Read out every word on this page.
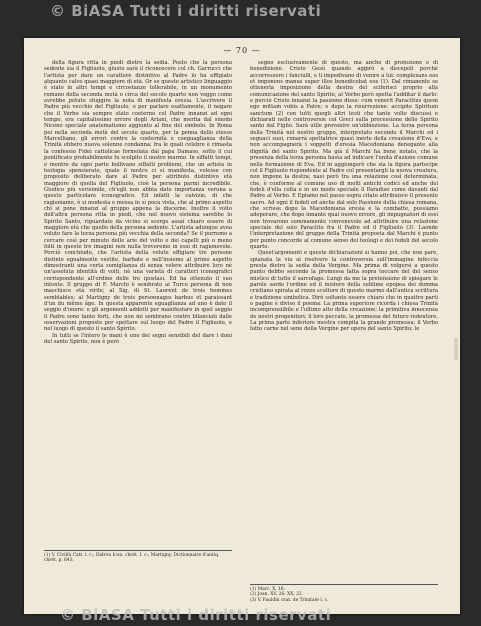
© BiASA Tutti i diritti riservati
— 70 —

della figura ritta in piedi dietro la sedia. Posto che la persona sedente sia il Figliuolo, giusto sarà il riconoscere col ch. Garrucci che l'artista per dare un carattere distintivo al Padre lo ha effigiato alquanto calvo quasi maggiore di età. Or se questo artistico linguaggio è stato in altri tempi e circostanze tollerabile, in un monumento romano della seconda metà o circa del secolo quarto non veggo come avrebbe potuto sfuggire la nota di manifesta eresia. L'ascrivere il Padre più vecchio del Figliuolo, o per parlare esattamente, il negare che il Verbo sia sempre stato coeterno col Padre innanzi ad ogni tempo, era capitalissimo errore degli Ariani, che merita dal sinodo Niceno speciale anatematismo aggiunto al fine del simbolo. In Roma poi nella seconda metà del secolo quarto, per la penna dello stesso Marcelliano, gli errori contro la coeternità e coeguaglianza della Trinità ebbero nuova solenne condanna; fra le quali celebre è rimasta la confessio Fidei cattolicae formolata dal papa Damaso, sotto il cui pontificato probabilmente fu scolpito il nostro marmo. In siffatti tempi, e mentre da ogni parte bollivano siffatti problemi, che un artista in teologia spensierato, quale il nostro ci si manifesta, volesse con proposito deliberato dare al Padre per attributo distintivo età maggiore di quella del Figliuolo, cioè la persona parmi incredibile. Giudico più verisimile, ch'egli non abbia dato importanza veruna a questo particolare iconografico. Ed infatti la calvizie, di che ragioniamo, è si modesta e messa in sì poca vista, che al primo aspetto chi si pone innanzi al gruppo appena la discerne. Inoltre il volto dell'altra persona ritta in piedi, che nel nuovo sistema sarebbe lo Spirito Santo, riguardato da vicino si scorge assai chiaro essere di maggiore età che quello della persona sedente. L'artista adunque avea voluto fare la terza persona più vecchia della seconda? Se il porremo a cercare così per minuto delle arie del volto e dei capelli più o meno folti in queste tre imagini non nulla troveremo in essi di ragionevole. Perciò conchiudo, che l'artista della volute effigiare tre persone distinte egualmente vestite, barbate e nell'insieme al primo aspetto dimostranti una certa somiglianza di senza volere attribuire loro nè un'assoluta identità di volti, nè una varietà di caratteri iconografici corrispondente all'ordine delle tre ipostasi. Ed ha ottenuto il suo intento. Il gruppo di F. Marchi è sembrato ai Turco persona di non maschisce età virile; al Sig. di St. Laurent de trois hommes semblables; al Martigny de trois personnages barbus et paraissant d'un du même âge. In questa apparente eguaglianza ad uno è dato il seggio d'onore: e gli argomenti addotti per manifestare in quel seggio il Padre sono tanto forti, che non mi sembrano contro bilanciati dalle osservazioni proposte per spettare sul luogo del Padre il Figliuolo, e nel luogo di questo il santo Spirito.

In tutti se l'intero le mani è uno dei segni sensibili del dare i doni del santo Spirito, non è però

segno esclusivamente di questo, ma anche di protezione e di benedizione. Cristo Gesù quando aggirò a discepoli perchè accorressero i fanciulli, e li impedivano di venire a lui: complexans eos et imponens manus super illos benedicebat eos (1). Dal rimanente se ottenerla imposizione della destra del sciferisci proprio alla comunicazione del santo Spirito, al Verbo però spetta l'additar il darlo: e perciò Cristo innanzi la passione disse: cum venerit Paraclitus quem ego mittam vobis a Patre; e dopo la risurrezione: accipite Spiritum sanctum (2) con tutti quegli altri testi che tante volte discussi e dichiarati nelle controversie coi Greci sulla processione dello Spirito santo dal Figlio. Sarà utile prevenire un'obbiezione. La terza persona della Trinità nel nostro gruppo, interpretato secondo il Marchi ed i seguaci suoi, rimarrà spettatrice quasi inerte della creazione d'Eva, e non accompagnerà i soppetti d'eresia Macedoniana denegante alla dignità del santo Spirito. Ma già il Marchi ha bene notato, che la presenza della terza persona basta ad indicare l'unità d'azione comune nella formazione di Eva. Ed in aggiungerò che sia la figura partecipe col il Figliuolo rispondente al Padre col presentargli la nuova creatura, non impone la destra; nasi però tra una relazione così determinata, che, è conforme al comune uso di molti antichi codici ed anche dei fedeli d'ella colta e in un modo speciale il Paradiso come davanti dal Padre al Verbo. E Eptamo nel passo sopra citato attribuisce il presente sacro. Ad ogni il fedeli ed anche dal solo Passione della chiesa romana, che scrisse dopo la Macedoniana eresia e la combatte, possiamo adoperare, che dopo innante qual nuovo errore, gli impugnatori di essi non trovarono sommamente convenevole ad attribuire una relazione speciale del solo Paraclito fra il Padre ed il Figliuolo (3). Laonde l'interpretazione del gruppo della Trinità proposta dal Marchi è punto per punto concorde al comune senso dei teologi e dei fedeli del secolo quarto.

Quest'argomenti e queste dichiarazioni si hanno poi, che non pare, spianata la via al risolvere la controversia sull'immagine infeccia presta dietro la sedia della Vergine. Ma prima di volgersi a questo punto debbo secondo la promessa fatta sopra toccare del del senso mistico di tutto il sarcofago. Lungi da me la pretensione di spiegare le parole sarde l'ordine ed il mistero della sublime epopea dei domma cristiano spirata al rozzo scultore di questo marmo dall'antica scrittura e tradizione simbolica. Dirò soltanto essere chiaro che in quattro parti o pagine è diviso il poema. La prima superiore ricorda i chiesa Trinità incomprensiibile e l'ultimo atto della creazione; la primitiva innocenza de nostri progenitori; il loro peccato, la promessa del futuro redentore. La prima parte inferiore mostra compita la grande promessa; il Verbo fatto carne nel seno della Vergine per opera del santo Spirito; le

(1) V. Civiltà Catt. l. c.; Didron Icon. chrét. I. c.; Martigny, Dictionnaire d'antiq. chrét. p. 643.
(1) Marc. X, 16.
(2) Joan. XV, 26; XX, 22.
(3) V. Fauldin orat. de Trinitate l. c.
© BiASA Tutti i diritti riservati
